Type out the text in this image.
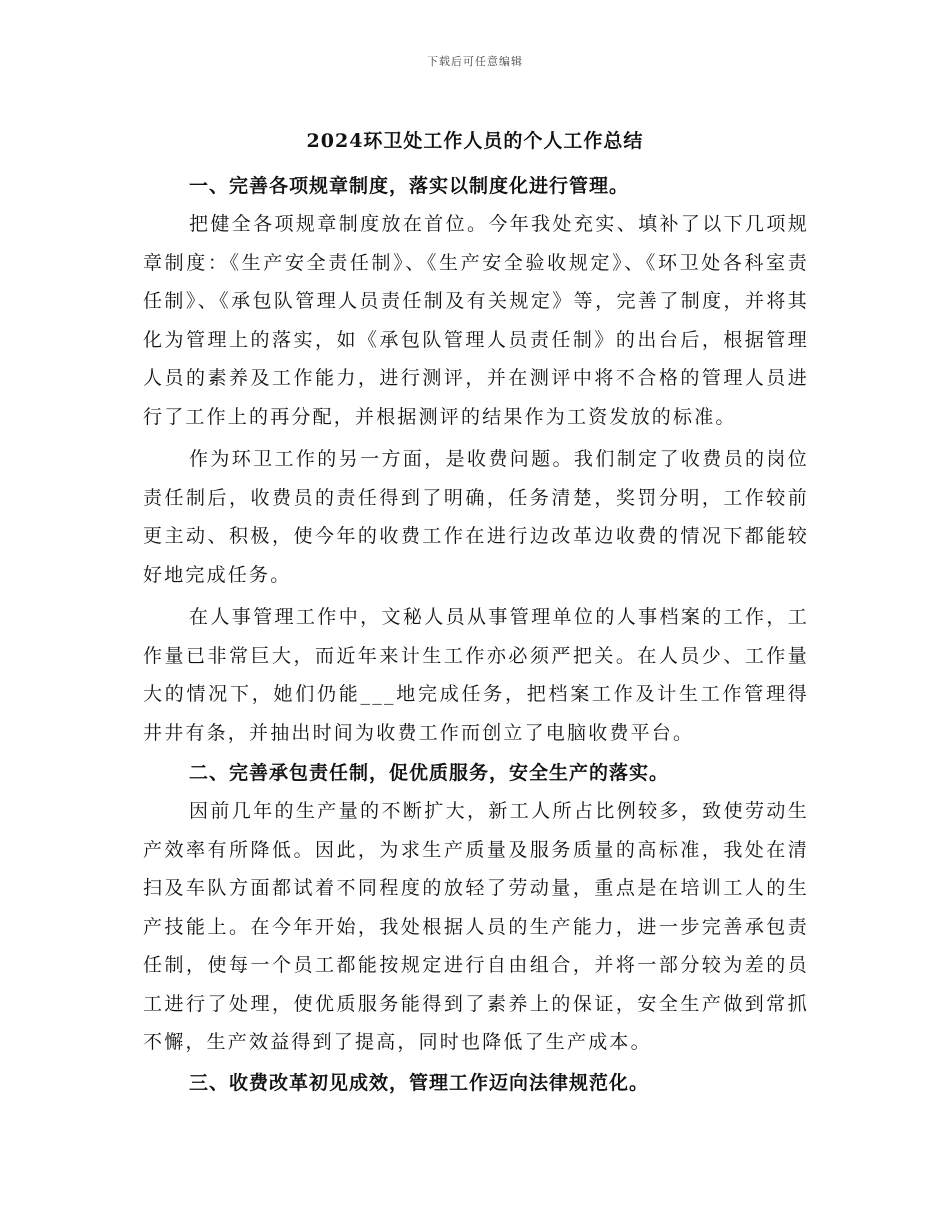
下载后可任意编辑
2024环卫处工作人员的个人工作总结

一、完善各项规章制度，落实以制度化进行管理。

把健全各项规章制度放在首位。今年我处充实、填补了以下几项规章制度：《生产安全责任制》、《生产安全验收规定》、《环卫处各科室责任制》、《承包队管理人员责任制及有关规定》等，完善了制度，并将其化为管理上的落实，如《承包队管理人员责任制》的出台后，根据管理人员的素养及工作能力，进行测评，并在测评中将不合格的管理人员进行了工作上的再分配，并根据测评的结果作为工资发放的标准。

作为环卫工作的另一方面，是收费问题。我们制定了收费员的岗位责任制后，收费员的责任得到了明确，任务清楚，奖罚分明，工作较前更主动、积极，使今年的收费工作在进行边改革边收费的情况下都能较好地完成任务。

在人事管理工作中，文秘人员从事管理单位的人事档案的工作，工作量已非常巨大，而近年来计生工作亦必须严把关。在人员少、工作量大的情况下，她们仍能___地完成任务，把档案工作及计生工作管理得井井有条，并抽出时间为收费工作而创立了电脑收费平台。

二、完善承包责任制，促优质服务，安全生产的落实。

因前几年的生产量的不断扩大，新工人所占比例较多，致使劳动生产效率有所降低。因此，为求生产质量及服务质量的高标准，我处在清扫及车队方面都试着不同程度的放轻了劳动量，重点是在培训工人的生产技能上。在今年开始，我处根据人员的生产能力，进一步完善承包责任制，使每一个员工都能按规定进行自由组合，并将一部分较为差的员工进行了处理，使优质服务能得到了素养上的保证，安全生产做到常抓不懈，生产效益得到了提高，同时也降低了生产成本。

三、收费改革初见成效，管理工作迈向法律规范化。
